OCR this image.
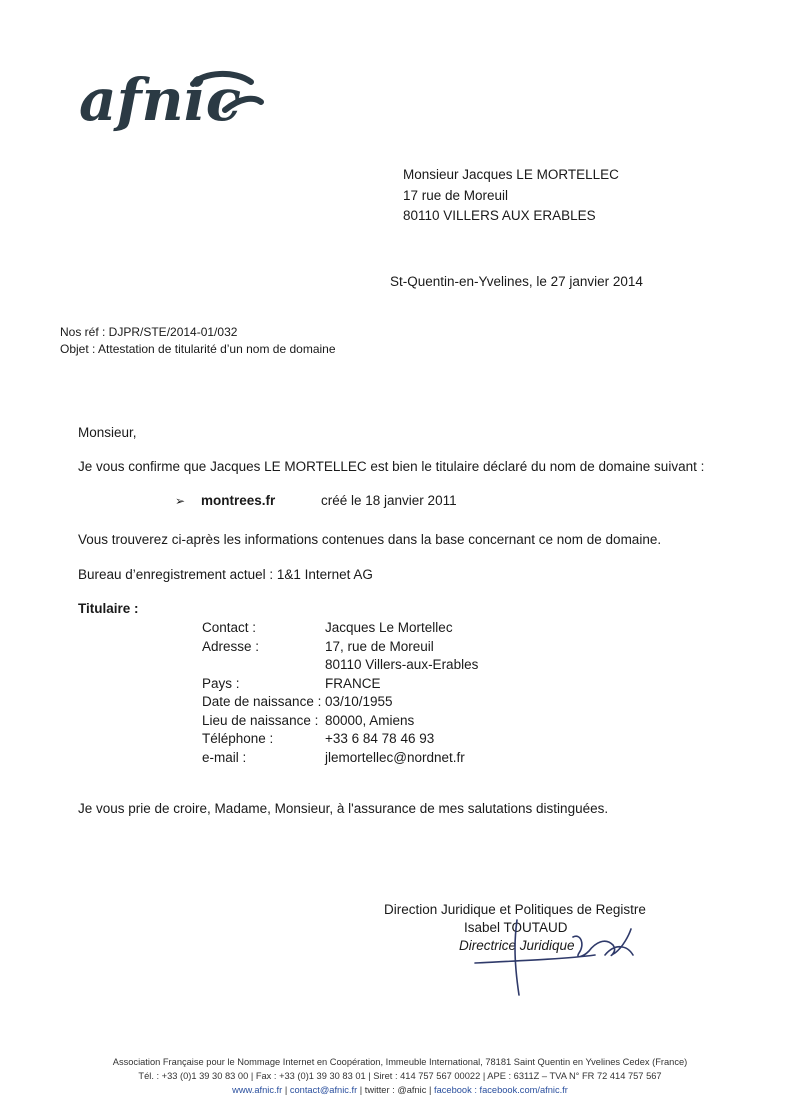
afnic
Monsieur Jacques LE MORTELLEC
17 rue de Moreuil
80110 VILLERS AUX ERABLES
St-Quentin-en-Yvelines, le 27 janvier 2014
Nos réf : DJPR/STE/2014-01/032
Objet : Attestation de titularité d’un nom de domaine
Monsieur,
Je vous confirme que Jacques LE MORTELLEC est bien le titulaire déclaré du nom de domaine suivant :
➢ montrees.fr	créé le 18 janvier 2011
Vous trouverez ci-après les informations contenues dans la base concernant ce nom de domaine.
Bureau d’enregistrement actuel : 1&1 Internet AG
Titulaire :
Contact :	Jacques Le Mortellec
Adresse :	17, rue de Moreuil
80110 Villers-aux-Erables
Pays :	FRANCE
Date de naissance : 03/10/1955
Lieu de naissance : 80000, Amiens
Téléphone :	+33 6 84 78 46 93
e-mail :	jlemortellec@nordnet.fr
Je vous prie de croire, Madame, Monsieur, à l'assurance de mes salutations distinguées.
Direction Juridique et Politiques de Registre
Isabel TOUTAUD
Directrice Juridique
Association Française pour le Nommage Internet en Coopération, Immeuble International, 78181 Saint Quentin en Yvelines Cedex (France)
Tél. : +33 (0)1 39 30 83 00 | Fax : +33 (0)1 39 30 83 01 | Siret : 414 757 567 00022 | APE : 6311Z – TVA N° FR 72 414 757 567
www.afnic.fr | contact@afnic.fr | twitter : @afnic | facebook : facebook.com/afnic.fr
